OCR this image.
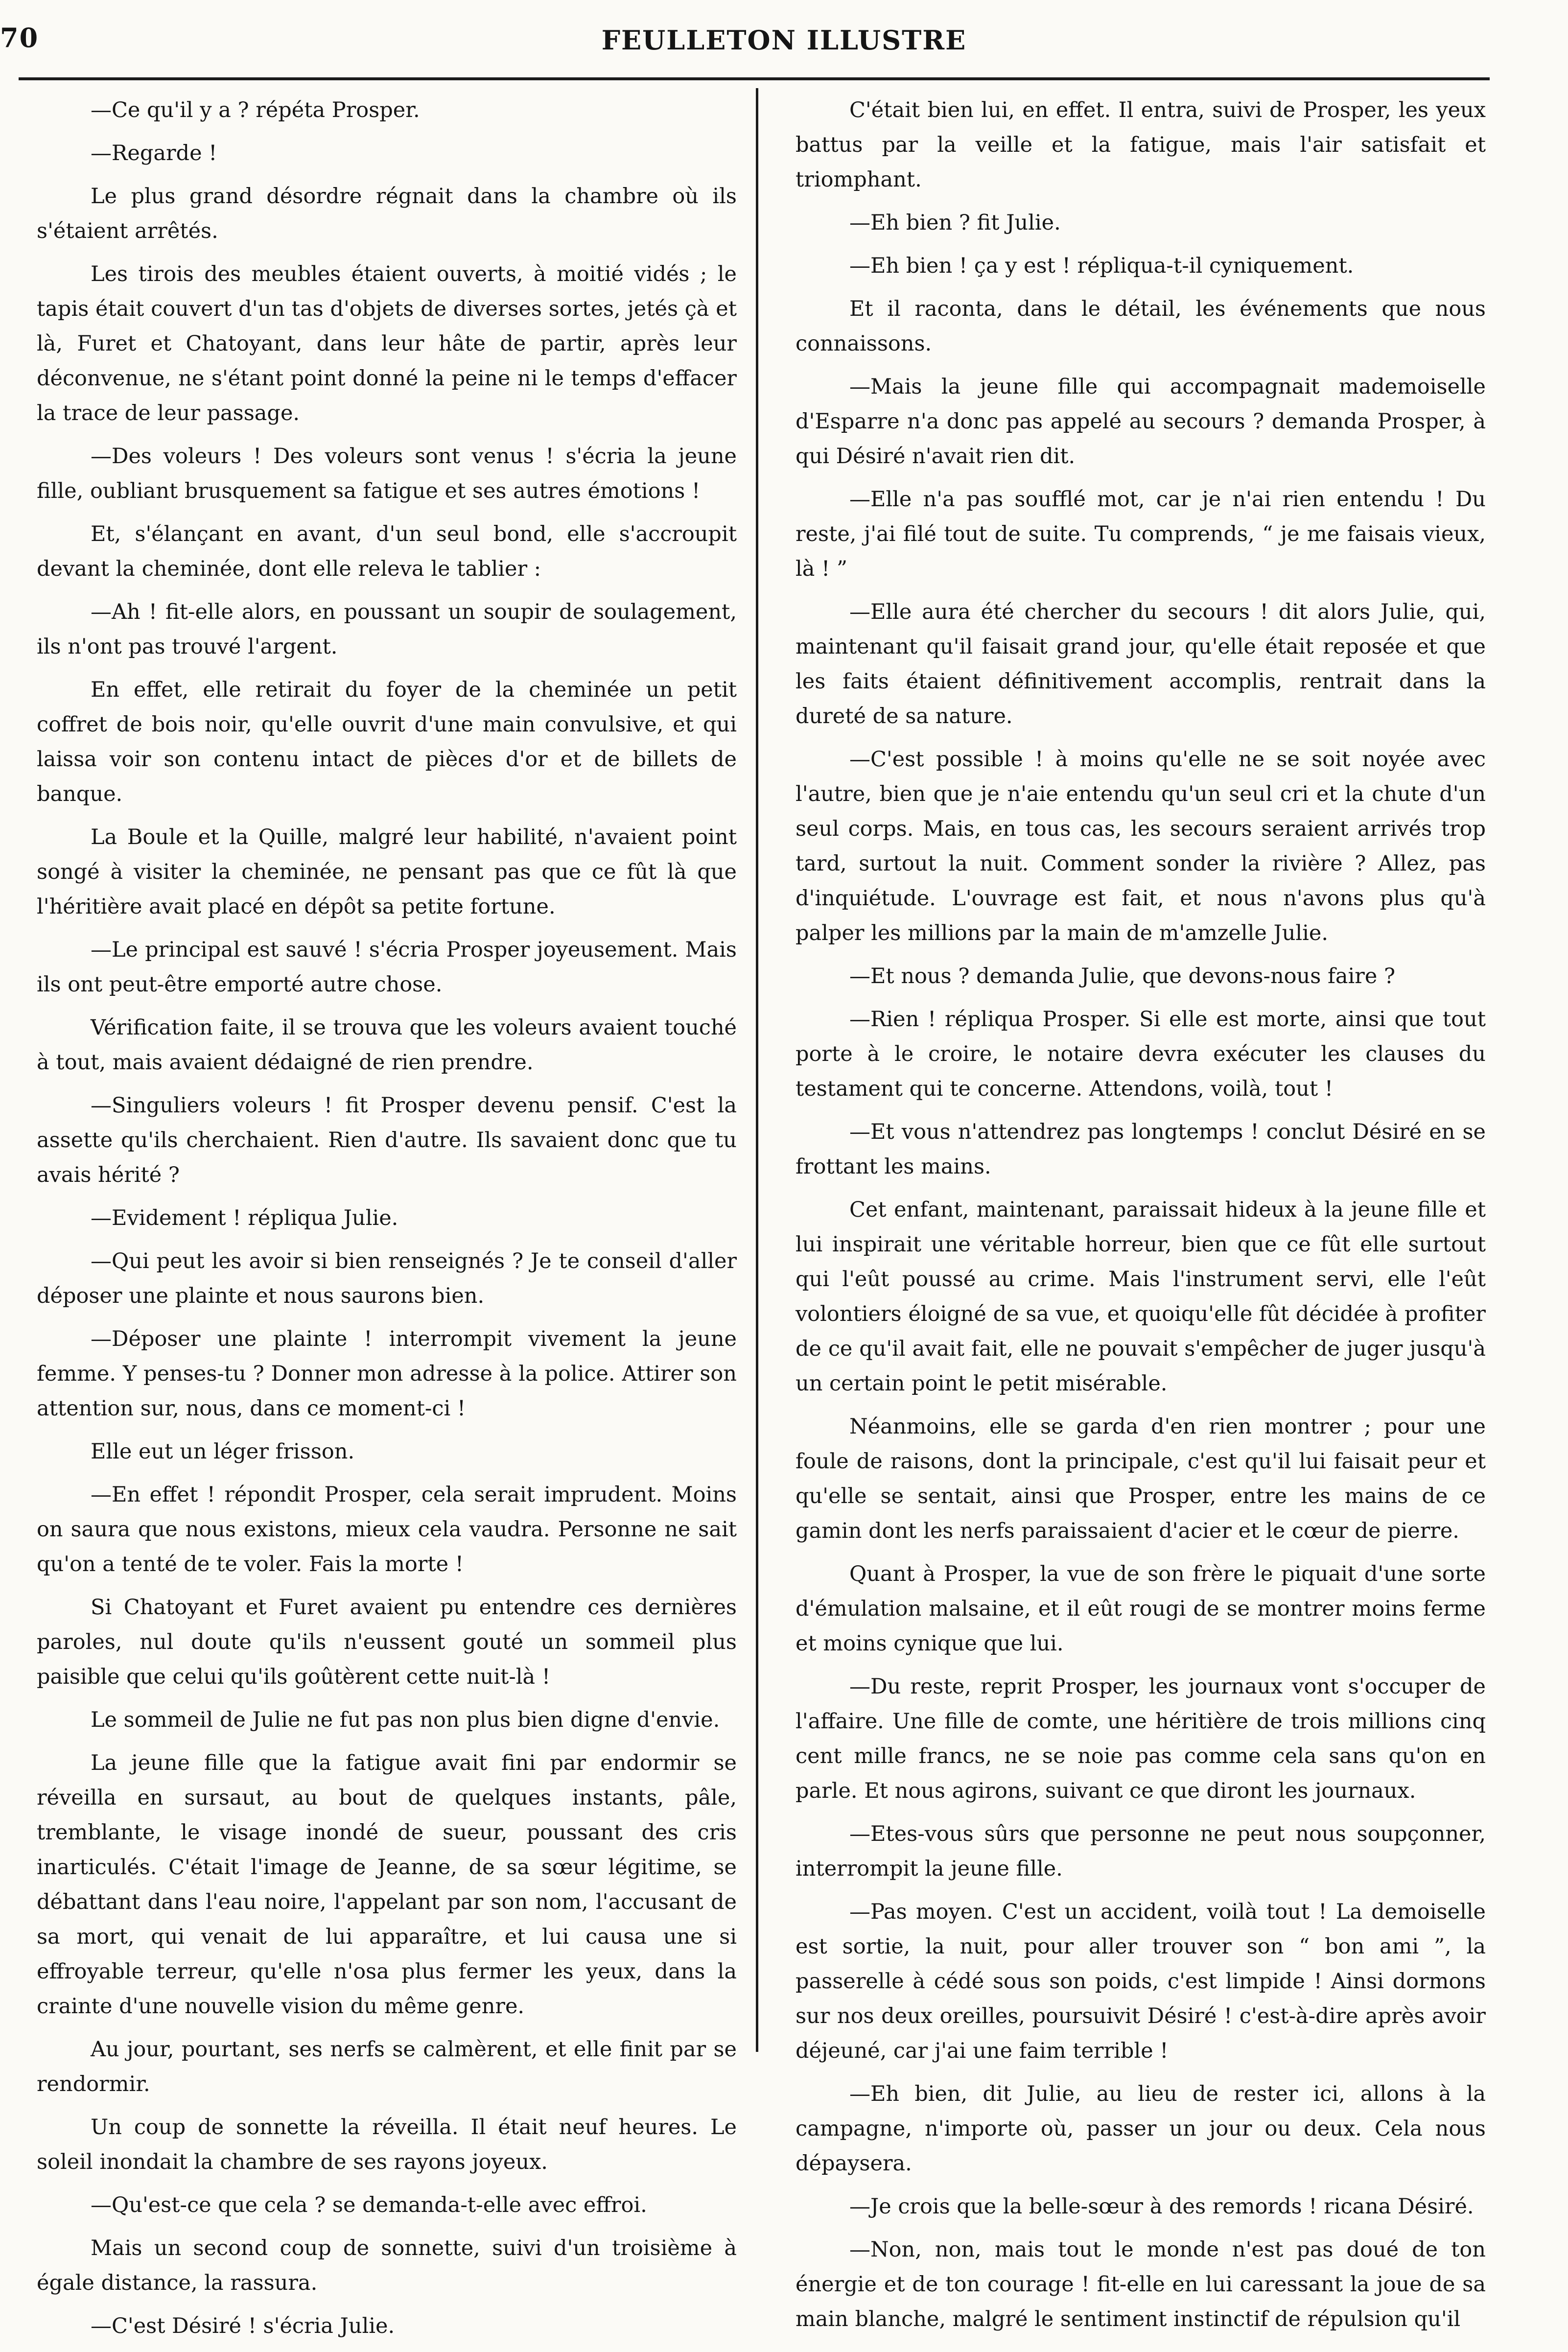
70	FEULLETON ILLUSTRE

—Ce qu'il y a ? répéta Prosper.

—Regarde !

Le plus grand désordre régnait dans la chambre où ils s'étaient arrêtés.

Les tirois des meubles étaient ouverts, à moitié vidés ; le tapis était couvert d'un tas d'objets de diverses sortes, jetés çà et là, Furet et Chatoyant, dans leur hâte de partir, après leur déconvenue, ne s'étant point donné la peine ni le temps d'effacer la trace de leur passage.

—Des voleurs ! Des voleurs sont venus ! s'écria la jeune fille, oubliant brusquement sa fatigue et ses autres émotions !

Et, s'élançant en avant, d'un seul bond, elle s'accroupit devant la cheminée, dont elle releva le tablier :

—Ah ! fit-elle alors, en poussant un soupir de soulagement, ils n'ont pas trouvé l'argent.

En effet, elle retirait du foyer de la cheminée un petit coffret de bois noir, qu'elle ouvrit d'une main convulsive, et qui laissa voir son contenu intact de pièces d'or et de billets de banque.

La Boule et la Quille, malgré leur habilité, n'avaient point songé à visiter la cheminée, ne pensant pas que ce fût là que l'héritière avait placé en dépôt sa petite fortune.

—Le principal est sauvé ! s'écria Prosper joyeusement. Mais ils ont peut-être emporté autre chose.

Vérification faite, il se trouva que les voleurs avaient touché à tout, mais avaient dédaigné de rien prendre.

—Singuliers voleurs ! fit Prosper devenu pensif. C'est la assette qu'ils cherchaient. Rien d'autre. Ils savaient donc que tu avais hérité ?

—Evidement ! répliqua Julie.

—Qui peut les avoir si bien renseignés ? Je te conseil d'aller déposer une plainte et nous saurons bien.

—Déposer une plainte ! interrompit vivement la jeune femme. Y penses-tu ? Donner mon adresse à la police. Attirer son attention sur, nous, dans ce moment-ci !

Elle eut un léger frisson.

—En effet ! répondit Prosper, cela serait imprudent. Moins on saura que nous existons, mieux cela vaudra. Personne ne sait qu'on a tenté de te voler. Fais la morte !

Si Chatoyant et Furet avaient pu entendre ces dernières paroles, nul doute qu'ils n'eussent gouté un sommeil plus paisible que celui qu'ils goûtèrent cette nuit-là !

Le sommeil de Julie ne fut pas non plus bien digne d'envie.

La jeune fille que la fatigue avait fini par endormir se réveilla en sursaut, au bout de quelques instants, pâle, tremblante, le visage inondé de sueur, poussant des cris inarticulés. C'était l'image de Jeanne, de sa sœur légitime, se débattant dans l'eau noire, l'appelant par son nom, l'accusant de sa mort, qui venait de lui apparaître, et lui causa une si effroyable terreur, qu'elle n'osa plus fermer les yeux, dans la crainte d'une nouvelle vision du même genre.

Au jour, pourtant, ses nerfs se calmèrent, et elle finit par se rendormir.

Un coup de sonnette la réveilla. Il était neuf heures. Le soleil inondait la chambre de ses rayons joyeux.

—Qu'est-ce que cela ? se demanda-t-elle avec effroi.

Mais un second coup de sonnette, suivi d'un troisième à égale distance, la rassura.

—C'est Désiré ! s'écria Julie.

C'était bien lui, en effet. Il entra, suivi de Prosper, les yeux battus par la veille et la fatigue, mais l'air satisfait et triomphant.

—Eh bien ? fit Julie.

—Eh bien ! ça y est ! répliqua-t-il cyniquement.

Et il raconta, dans le détail, les événements que nous connaissons.

—Mais la jeune fille qui accompagnait mademoiselle d'Esparre n'a donc pas appelé au secours ? demanda Prosper, à qui Désiré n'avait rien dit.

—Elle n'a pas soufflé mot, car je n'ai rien entendu ! Du reste, j'ai filé tout de suite. Tu comprends, “ je me faisais vieux, là ! ”

—Elle aura été chercher du secours ! dit alors Julie, qui, maintenant qu'il faisait grand jour, qu'elle était reposée et que les faits étaient définitivement accomplis, rentrait dans la dureté de sa nature.

—C'est possible ! à moins qu'elle ne se soit noyée avec l'autre, bien que je n'aie entendu qu'un seul cri et la chute d'un seul corps. Mais, en tous cas, les secours seraient arrivés trop tard, surtout la nuit. Comment sonder la rivière ? Allez, pas d'inquiétude. L'ouvrage est fait, et nous n'avons plus qu'à palper les millions par la main de m'amzelle Julie.

—Et nous ? demanda Julie, que devons-nous faire ?

—Rien ! répliqua Prosper. Si elle est morte, ainsi que tout porte à le croire, le notaire devra exécuter les clauses du testament qui te concerne. Attendons, voilà, tout !

—Et vous n'attendrez pas longtemps ! conclut Désiré en se frottant les mains.

Cet enfant, maintenant, paraissait hideux à la jeune fille et lui inspirait une véritable horreur, bien que ce fût elle surtout qui l'eût poussé au crime. Mais l'instrument servi, elle l'eût volontiers éloigné de sa vue, et quoiqu'elle fût décidée à profiter de ce qu'il avait fait, elle ne pouvait s'empêcher de juger jusqu'à un certain point le petit misérable.

Néanmoins, elle se garda d'en rien montrer ; pour une foule de raisons, dont la principale, c'est qu'il lui faisait peur et qu'elle se sentait, ainsi que Prosper, entre les mains de ce gamin dont les nerfs paraissaient d'acier et le cœur de pierre.

Quant à Prosper, la vue de son frère le piquait d'une sorte d'émulation malsaine, et il eût rougi de se montrer moins ferme et moins cynique que lui.

—Du reste, reprit Prosper, les journaux vont s'occuper de l'affaire. Une fille de comte, une héritière de trois millions cinq cent mille francs, ne se noie pas comme cela sans qu'on en parle. Et nous agirons, suivant ce que diront les journaux.

—Etes-vous sûrs que personne ne peut nous soupçonner, interrompit la jeune fille.

—Pas moyen. C'est un accident, voilà tout ! La demoiselle est sortie, la nuit, pour aller trouver son “ bon ami ”, la passerelle à cédé sous son poids, c'est limpide ! Ainsi dormons sur nos deux oreilles, poursuivit Désiré ! c'est-à-dire après avoir déjeuné, car j'ai une faim terrible !

—Eh bien, dit Julie, au lieu de rester ici, allons à la campagne, n'importe où, passer un jour ou deux. Cela nous dépaysera.

—Je crois que la belle-sœur à des remords ! ricana Désiré.

—Non, non, mais tout le monde n'est pas doué de ton énergie et de ton courage ! fit-elle en lui caressant la joue de sa main blanche, malgré le sentiment instinctif de répulsion qu'il
